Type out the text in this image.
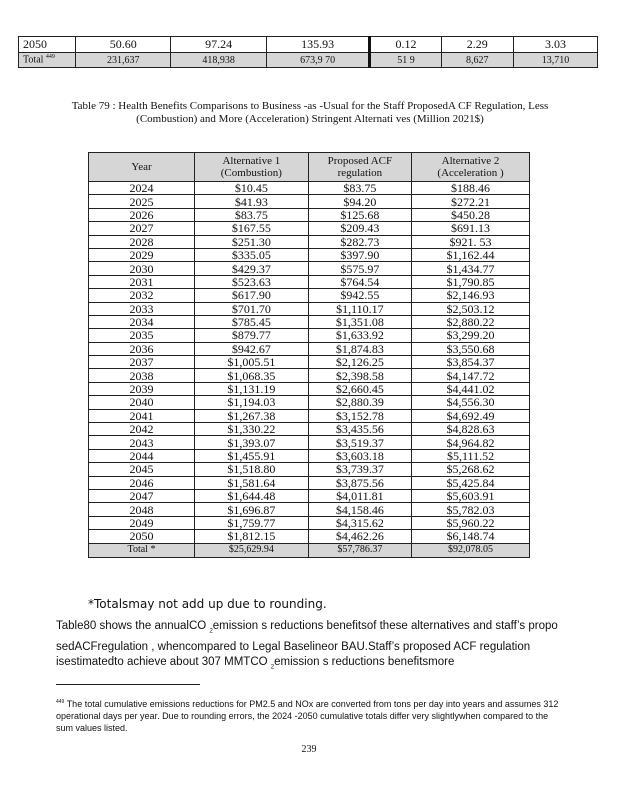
2050	50.60	97.24	135.93	0.12	2.29	3.03
Total $^{449}$	231,637	418,938	673,9 70	51 9	8,627	13,710
Table 79 : Health Benefits Comparisons to Business -as -Usual for the Staff ProposedA CF Regulation, Less (Combustion) and More (Acceleration) Stringent Alternati ves (Million 2021$)
Year	Alternative 1 (Combustion)	Proposed ACF regulation	Alternative 2 (Acceleration )
2024	$10.45	$83.75	$188.46
2025	$41.93	$94.20	$272.21
2026	$83.75	$125.68	$450.28
2027	$167.55	$209.43	$691.13
2028	$251.30	$282.73	$921. 53
2029	$335.05	$397.90	$1,162.44
2030	$429.37	$575.97	$1,434.77
2031	$523.63	$764.54	$1,790.85
2032	$617.90	$942.55	$2,146.93
2033	$701.70	$1,110.17	$2,503.12
2034	$785.45	$1,351.08	$2,880.22
2035	$879.77	$1,633.92	$3,299.20
2036	$942.67	$1,874.83	$3,550.68
2037	$1,005.51	$2,126.25	$3,854.37
2038	$1,068.35	$2,398.58	$4,147.72
2039	$1,131.19	$2,660.45	$4,441.02
2040	$1,194.03	$2,880.39	$4,556.30
2041	$1,267.38	$3,152.78	$4,692.49
2042	$1,330.22	$3,435.56	$4,828.63
2043	$1,393.07	$3,519.37	$4,964.82
2044	$1,455.91	$3,603.18	$5,111.52
2045	$1,518.80	$3,739.37	$5,268.62
2046	$1,581.64	$3,875.56	$5,425.84
2047	$1,644.48	$4,011.81	$5,603.91
2048	$1,696.87	$4,158.46	$5,782.03
2049	$1,759.77	$4,315.62	$5,960.22
2050	$1,812.15	$4,462.26	$6,148.74
Total *	$25,629.94	$57,786.37	$92,078.05
*Totalsmay not add up due to rounding.
Table80 shows the annualCO $_2$emission s reductions benefitsof these alternatives and staff’s propo sedACFregulation , whencompared to Legal Baselineor BAU.Staff’s proposed ACF regulation isestimatedto achieve about 307 MMTCO $_2$emission s reductions benefitsmore
$^{449}$ The total cumulative emissions reductions for PM2.5 and NOx are converted from tons per day into years and assumes 312 operational days per year. Due to rounding errors, the 2024 -2050 cumulative totals differ very slightlywhen compared to the sum values listed.
239
